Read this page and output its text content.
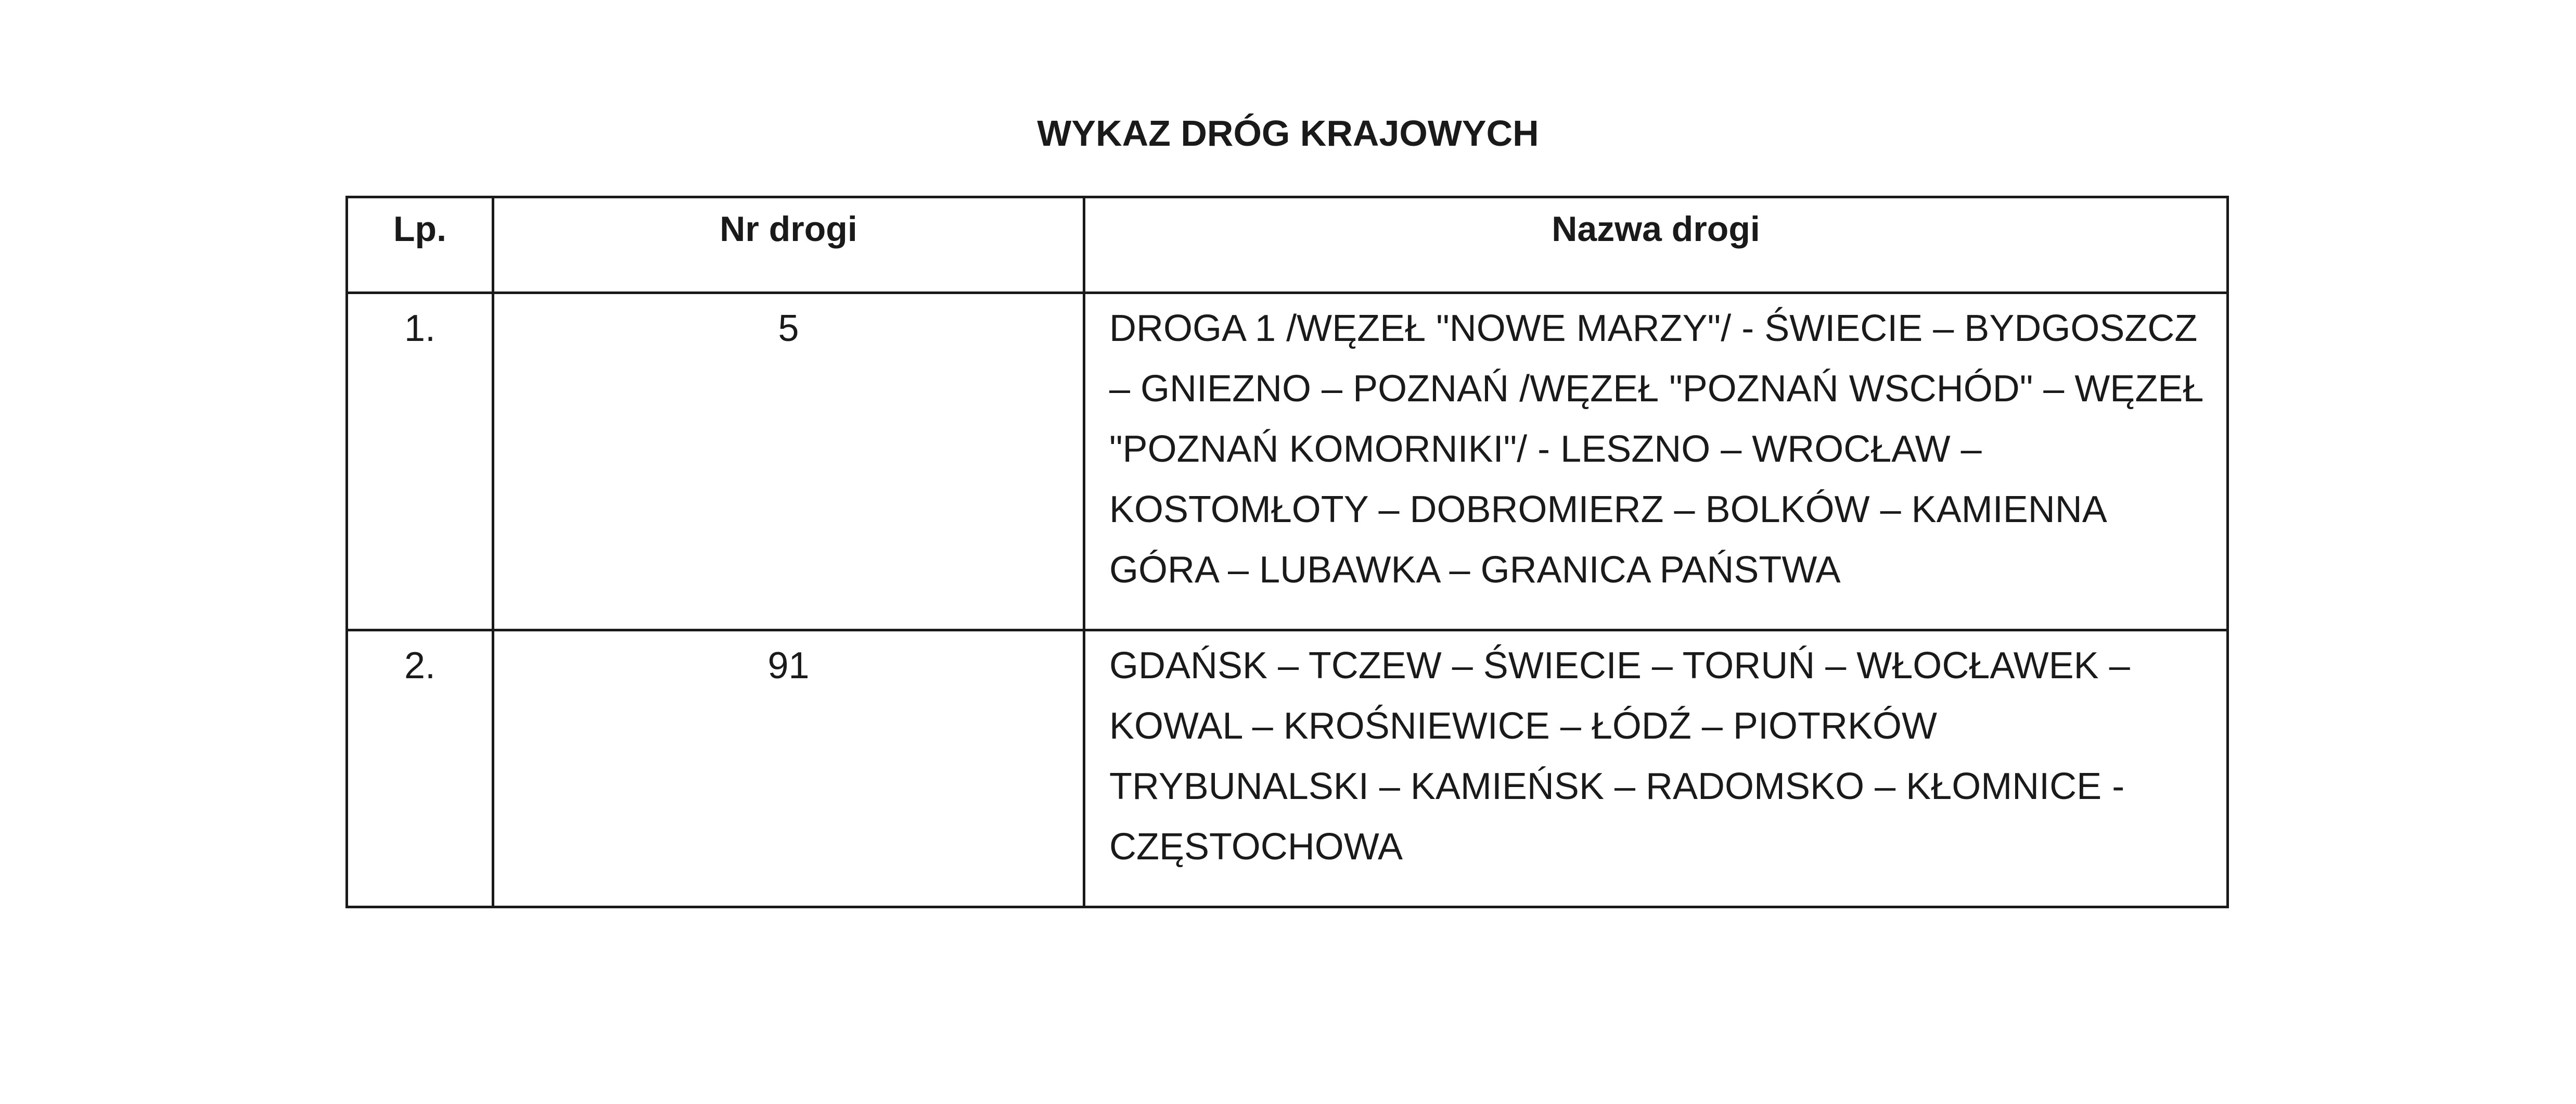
WYKAZ DRÓG KRAJOWYCH
Lp.	Nr drogi	Nazwa drogi
1.	5	DROGA 1 /WĘZEŁ "NOWE MARZY"/ - ŚWIECIE – BYDGOSZCZ – GNIEZNO – POZNAŃ /WĘZEŁ "POZNAŃ WSCHÓD" – WĘZEŁ "POZNAŃ KOMORNIKI"/ - LESZNO – WROCŁAW – KOSTOMŁOTY – DOBROMIERZ – BOLKÓW – KAMIENNA GÓRA – LUBAWKA – GRANICA PAŃSTWA
2.	91	GDAŃSK – TCZEW – ŚWIECIE – TORUŃ – WŁOCŁAWEK – KOWAL – KROŚNIEWICE – ŁÓDŹ – PIOTRKÓW TRYBUNALSKI – KAMIEŃSK – RADOMSKO – KŁOMNICE - CZĘSTOCHOWA
